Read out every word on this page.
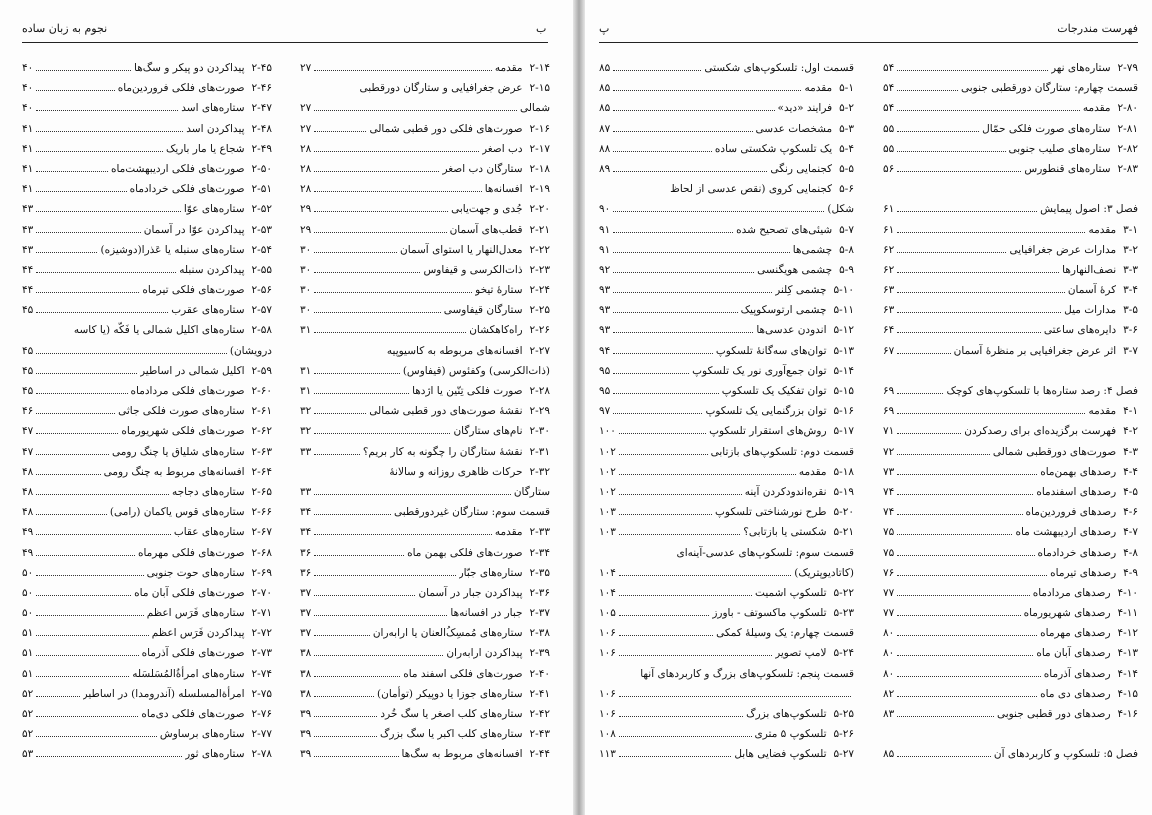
نجوم به زبان ساده	ب
۲-۱۴
مقدمه
۲۷
۲-۱۵
عرض جغرافیایی و ستارگان دورقطبی
شمالی
۲۷
۲-۱۶
صورت‌های فلکی دور قطبی شمالی
۲۷
۲-۱۷
دب اصغر
۲۸
۲-۱۸
ستارگان دب اصغر
۲۸
۲-۱۹
افسانه‌ها
۲۸
۲-۲۰
جُدی و جهت‌یابی
۲۹
۲-۲۱
قطب‌های آسمان
۲۹
۲-۲۲
معدل‌النهار یا استوای آسمان
۳۰
۲-۲۳
ذات‌الکرسی و قیفاوس
۳۰
۲-۲۴
ستارهٔ تیخو
۳۰
۲-۲۵
ستارگان قیفاوسی
۳۰
۲-۲۶
راه‌کاهکشان
۳۱
۲-۲۷
افسانه‌های مربوطه به کاسیوپیه
(ذات‌الکرسی) وکفئوس (قیفاوس)
۳۱
۲-۲۸
صورت فلکی تِنّین یا اژدها
۳۱
۲-۲۹
نقشهٔ صورت‌های دور قطبی شمالی
۳۲
۲-۳۰
نام‌های ستارگان
۳۲
۲-۳۱
نقشهٔ ستارگان را چگونه به کار بریم؟
۳۳
۲-۳۲
حرکات ظاهری روزانه و سالانهٔ
ستارگان
۳۳
قسمت سوم: ستارگان غیردورقطبی
۳۴
۲-۳۳
مقدمه
۳۴
۲-۳۴
صورت‌های فلکی بهمن ماه
۳۶
۲-۳۵
ستاره‌های جبّار
۳۶
۲-۳۶
پیداکردن جبار در آسمان
۳۷
۲-۳۷
جبار در افسانه‌ها
۳۷
۲-۳۸
ستاره‌های مُمسِکُ‌العنان یا ارابه‌ران
۳۷
۲-۳۹
پیداکردن ارابه‌ران
۳۸
۲-۴۰
صورت‌های فلکی اسفند ماه
۳۸
۲-۴۱
ستاره‌های جوزا یا دوپیکر (توأمان)
۳۸
۲-۴۲
ستاره‌های کلب اصغر یا سگ خُرد
۳۹
۲-۴۳
ستاره‌های کلب اکبر یا سگ بزرگ
۳۹
۲-۴۴
افسانه‌های مربوط به سگ‌ها
۳۹
۲-۴۵
پیداکردن دو پیکر و سگ‌ها
۴۰
۲-۴۶
صورت‌های فلکی فروردین‌ماه
۴۰
۲-۴۷
ستاره‌های اسد
۴۰
۲-۴۸
پیداکردن اسد
۴۱
۲-۴۹
شجاع یا مار باریک
۴۱
۲-۵۰
صورت‌های فلکی اردیبهشت‌ماه
۴۱
۲-۵۱
صورت‌های فلکی خردادماه
۴۱
۲-۵۲
ستاره‌های عوّا
۴۳
۲-۵۳
پیداکردن عوّا در آسمان
۴۳
۲-۵۴
ستاره‌های سنبله یا عَذرا(دوشیزه)
۴۳
۲-۵۵
پیداکردن سنبله
۴۴
۲-۵۶
صورت‌های فلکی تیرماه
۴۴
۲-۵۷
ستاره‌های عقرب
۴۵
۲-۵۸
ستاره‌های اکلیل شمالی یا فَکّه (یا کاسه
درویشان)
۴۵
۲-۵۹
اکلیل شمالی در اساطیر
۴۵
۲-۶۰
صورت‌های فلکی مردادماه
۴۵
۲-۶۱
ستاره‌های صورت فلکی جاثی
۴۶
۲-۶۲
صورت‌های فلکی شهریورماه
۴۷
۲-۶۳
ستاره‌های شلیاق یا چنگ رومی
۴۷
۲-۶۴
افسانه‌های مربوط به چنگ رومی
۴۸
۲-۶۵
ستاره‌های دجاجه
۴۸
۲-۶۶
ستاره‌های قوس یاکمان (رامی)
۴۸
۲-۶۷
ستاره‌های عقاب
۴۹
۲-۶۸
صورت‌های فلکی مهرماه
۴۹
۲-۶۹
ستاره‌های حوت جنوبی
۵۰
۲-۷۰
صورت‌های فلکی آبان ماه
۵۰
۲-۷۱
ستاره‌های فَرَس اعظم
۵۰
۲-۷۲
پیداکردن فَرَس اعظم
۵۱
۲-۷۳
صورت‌های فلکی آذرماه
۵۱
۲-۷۴
ستاره‌های امرأةُالمُسَلسَله
۵۱
۲-۷۵
امرأةالمسلسله (آندرومدا) در اساطیر
۵۲
۲-۷۶
صورت‌های فلکی دی‌ماه
۵۲
۲-۷۷
ستاره‌های برساوش
۵۲
۲-۷۸
ستاره‌های ثور
۵۳
پ	فهرست مندرجات
۲-۷۹
ستاره‌های نهر
۵۴
قسمت چهارم: ستارگان دورقطبی جنوبی
۵۴
۲-۸۰
مقدمه
۵۴
۲-۸۱
ستاره‌های صورت فلکی حمّال
۵۵
۲-۸۲
ستاره‌های صلیب جنوبی
۵۵
۲-۸۳
ستاره‌های قنطورس
۵۶
فصل ۳: اصول پیمایش
۶۱
۳-۱
مقدمه
۶۱
۳-۲
مدارات عرض جغرافیایی
۶۲
۳-۳
نصف‌النهارها
۶۲
۳-۴
کرهٔ آسمان
۶۳
۳-۵
مدارات میل
۶۳
۳-۶
دایره‌های ساعتی
۶۴
۳-۷
اثر عرض جغرافیایی بر منظرهٔ آسمان
۶۷
فصل ۴: رصد ستاره‌ها با تلسکوپ‌های کوچک
۶۹
۴-۱
مقدمه
۶۹
۴-۲
فهرست برگزیده‌ای برای رصدکردن
۷۱
۴-۳
صورت‌های دورقطبی شمالی
۷۲
۴-۴
رصدهای بهمن‌ماه
۷۳
۴-۵
رصدهای اسفندماه
۷۴
۴-۶
رصدهای فروردین‌ماه
۷۴
۴-۷
رصدهای اردیبهشت ماه
۷۵
۴-۸
رصدهای خردادماه
۷۵
۴-۹
رصدهای تیرماه
۷۶
۴-۱۰
رصدهای مردادماه
۷۷
۴-۱۱
رصدهای شهریورماه
۷۷
۴-۱۲
رصدهای مهرماه
۸۰
۴-۱۳
رصدهای آبان ماه
۸۰
۴-۱۴
رصدهای آذرماه
۸۰
۴-۱۵
رصدهای دی ماه
۸۲
۴-۱۶
رصدهای دور قطبی جنوبی
۸۳
فصل ۵: تلسکوپ و کاربردهای آن
۸۵
قسمت اول: تلسکوپ‌های شکستی
۸۵
۵-۱
مقدمه
۸۵
۵-۲
فرایند «دید»
۸۵
۵-۳
مشخصات عدسی
۸۷
۵-۴
یک تلسکوپ شکستی ساده
۸۸
۵-۵
کجنمایی رنگی
۸۹
۵-۶
کجنمایی کروی (نقص عدسی از لحاظ
شکل)
۹۰
۵-۷
شیئی‌های تصحیح شده
۹۱
۵-۸
چشمی‌ها
۹۱
۵-۹
چشمی هویگنسی
۹۲
۵-۱۰
چشمی کِلنر
۹۳
۵-۱۱
چشمی ارتوسکوپیک
۹۳
۵-۱۲
اندودن عدسی‌ها
۹۳
۵-۱۳
توان‌های سه‌گانهٔ تلسکوپ
۹۴
۵-۱۴
توان جمع‌آوری نور یک تلسکوپ
۹۵
۵-۱۵
توان تفکیک یک تلسکوپ
۹۵
۵-۱۶
توان بزرگنمایی یک تلسکوپ
۹۷
۵-۱۷
روش‌های استقرار تلسکوپ
۱۰۰
قسمت دوم: تلسکوپ‌های بازتابی
۱۰۲
۵-۱۸
مقدمه
۱۰۲
۵-۱۹
نقره‌اندودکردن آینه
۱۰۲
۵-۲۰
طرح نورشناختی تلسکوپ
۱۰۳
۵-۲۱
شکستی یا بازتابی؟
۱۰۳
قسمت سوم: تلسکوپ‌های عدسی-آینه‌ای
(کاتادیوپتریک)
۱۰۴
۵-۲۲
تلسکوپ اشمیت
۱۰۴
۵-۲۳
تلسکوپ ماکسوتف - باورز
۱۰۵
قسمت چهارم: یک وسیلهٔ کمکی
۱۰۶
۵-۲۴
لامپ تصویر
۱۰۶
قسمت پنجم: تلسکوپ‌های بزرگ و کاربردهای آنها
۱۰۶
۵-۲۵
تلسکوپ‌های بزرگ
۱۰۶
۵-۲۶
تلسکوپ ۵ متری
۱۰۸
۵-۲۷
تلسکوپ فضایی هابل
۱۱۳
